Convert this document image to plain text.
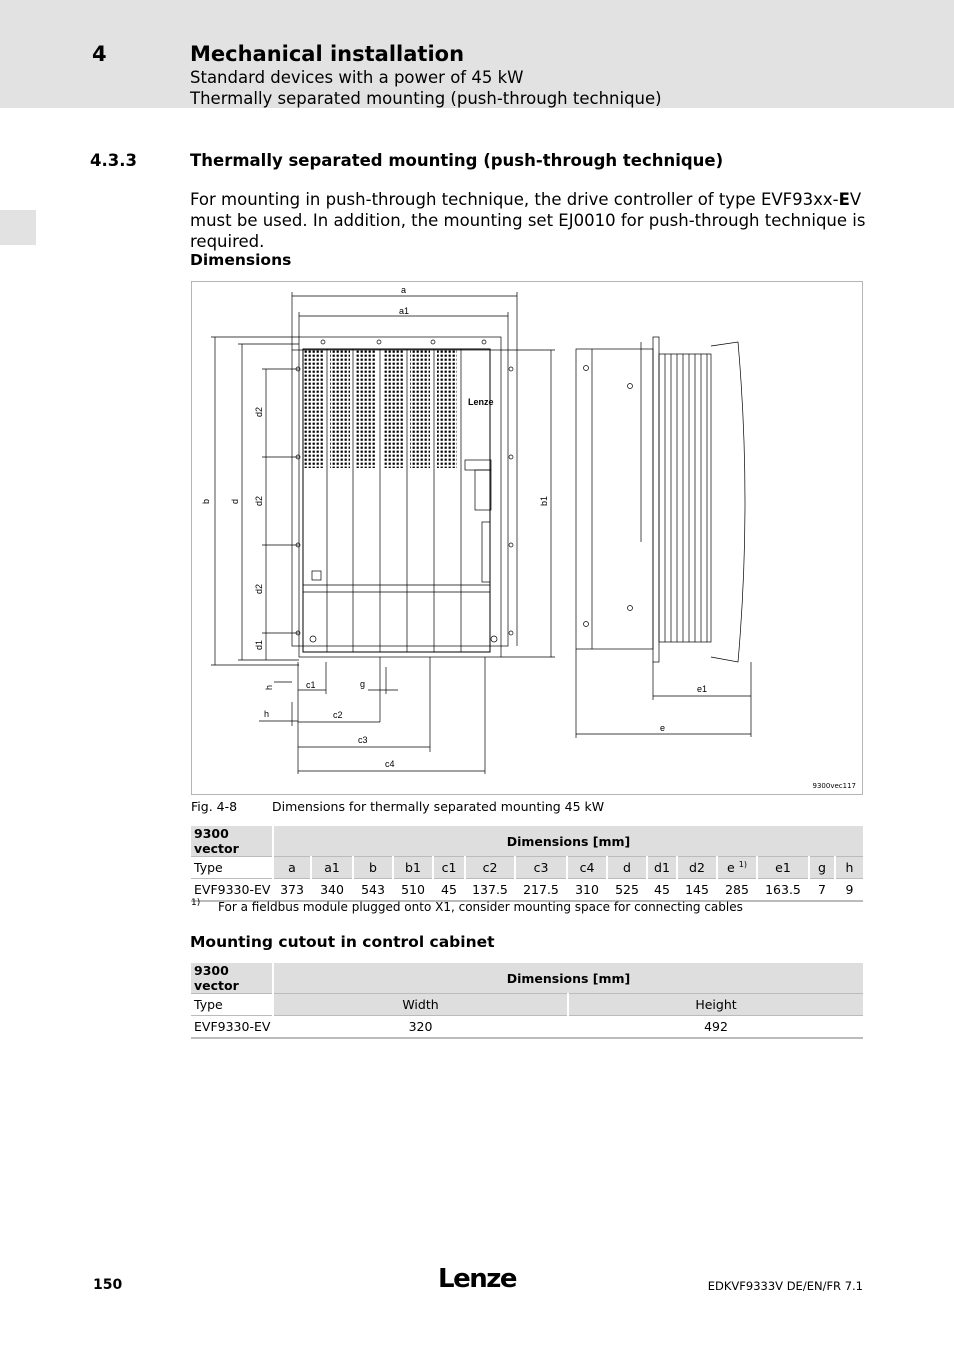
4	Mechanical installation
Standard devices with a power of 45 kW
Thermally separated mounting (push-through technique)
4.3.3	Thermally separated mounting (push-through technique)
For mounting in push-through technique, the drive controller of type EVF93xx-EV must be used. In addition, the mounting set EJ0010 for push-through technique is required.
Dimensions
Lenze
a
a1
b d
d2
d2
d2
d1
b1
c1	g
h
h	c2
c3
c4
e1
e
9300vec117
Fig. 4-8	Dimensions for thermally separated mounting 45 kW
9300 vector	Dimensions [mm]														
Type	a	a1	b	b1	c1	c2	c3	c4	d	d1	d2	e $^{1)}$	e1	g	h
EVF9330-EV	373	340	543	510	45	137.5	217.5	310	525	45	145	285	163.5	7	9
1) For a fieldbus module plugged onto X1, consider mounting space for connecting cables
Mounting cutout in control cabinet
9300 vector	Dimensions [mm]	
Type	Width	Height
EVF9330-EV	320	492
150	Lenze	EDKVF9333V DE/EN/FR 7.1
